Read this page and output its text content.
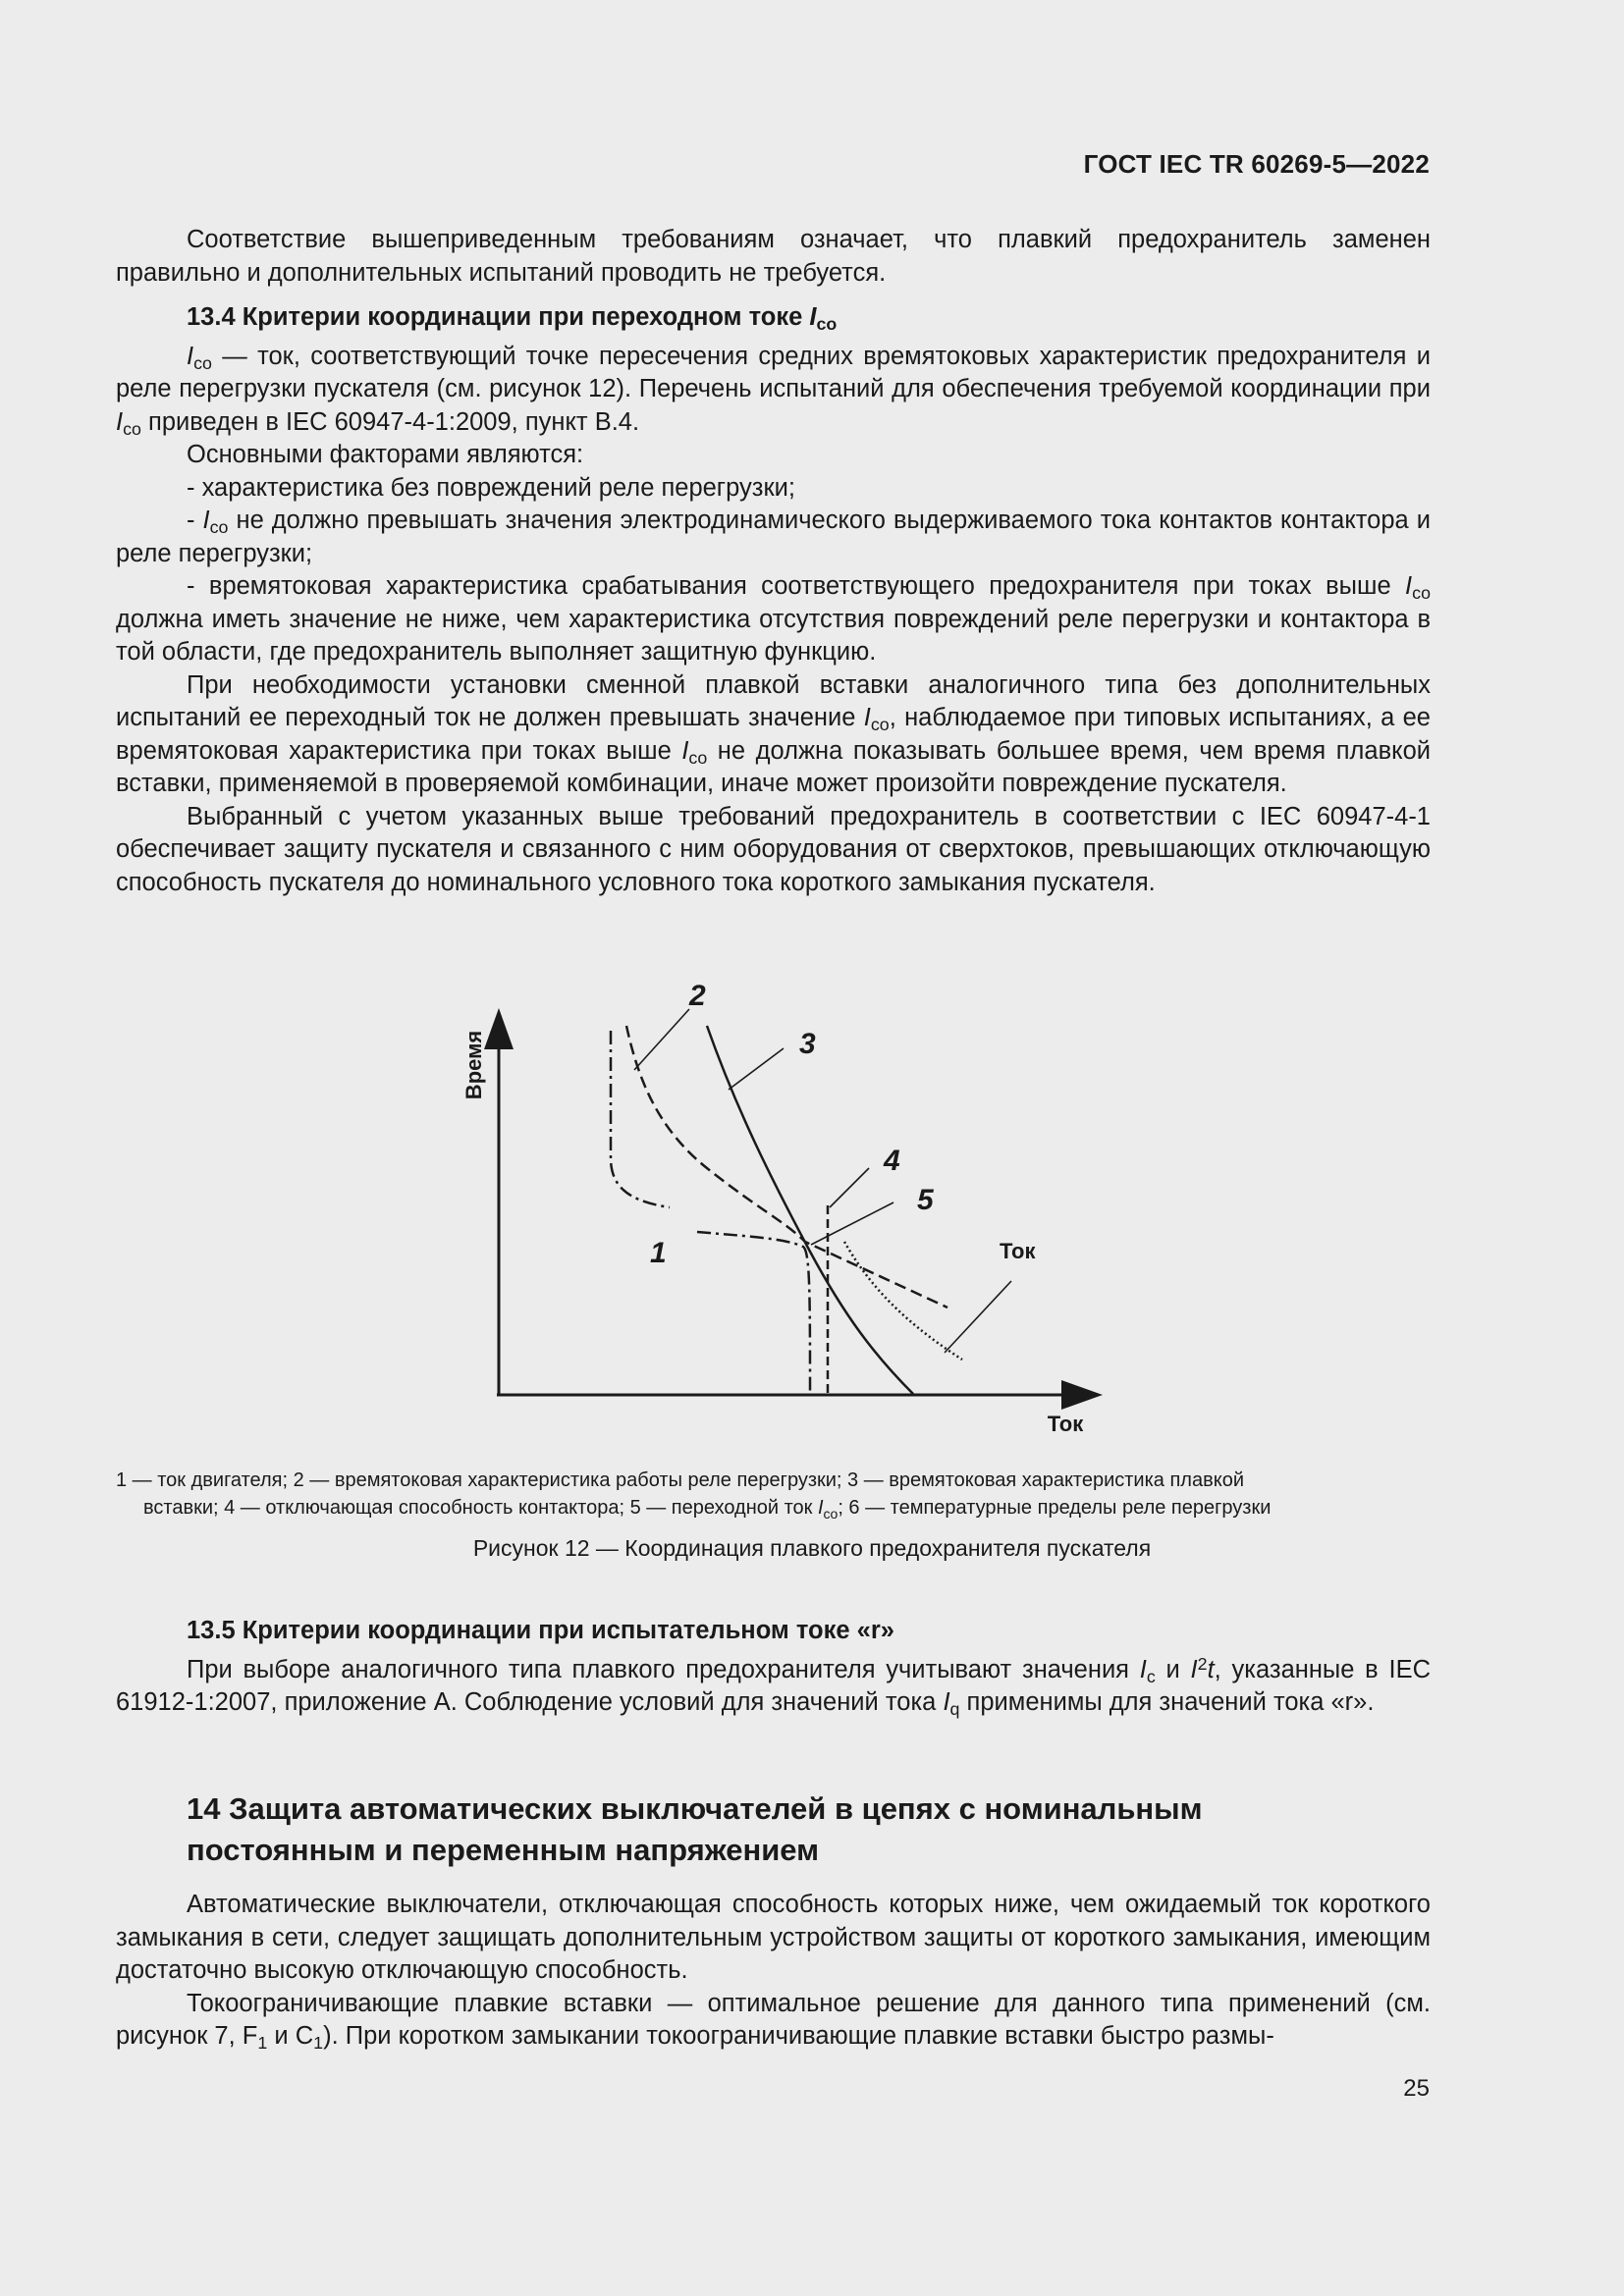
ГОСТ IEC TR 60269-5—2022

Соответствие вышеприведенным требованиям означает, что плавкий предохранитель заменен правильно и дополнительных испытаний проводить не требуется.

13.4 Критерии координации при переходном токе $I_{co}$

$I_{co}$ — ток, соответствующий точке пересечения средних времятоковых характеристик предохранителя и реле перегрузки пускателя (см. рисунок 12). Перечень испытаний для обеспечения требуемой координации при $I_{co}$ приведен в IEC 60947-4-1:2009, пункт В.4.

Основными факторами являются:

- характеристика без повреждений реле перегрузки;

- $I_{co}$ не должно превышать значения электродинамического выдерживаемого тока контактов контактора и реле перегрузки;

- времятоковая характеристика срабатывания соответствующего предохранителя при токах выше $I_{co}$ должна иметь значение не ниже, чем характеристика отсутствия повреждений реле перегрузки и контактора в той области, где предохранитель выполняет защитную функцию.

При необходимости установки сменной плавкой вставки аналогичного типа без дополнительных испытаний ее переходный ток не должен превышать значение $I_{co}$, наблюдаемое при типовых испытаниях, а ее времятоковая характеристика при токах выше $I_{co}$ не должна показывать большее время, чем время плавкой вставки, применяемой в проверяемой комбинации, иначе может произойти повреждение пускателя.

Выбранный с учетом указанных выше требований предохранитель в соответствии с IEC 60947-4-1 обеспечивает защиту пускателя и связанного с ним оборудования от сверхтоков, превышающих отключающую способность пускателя до номинального условного тока короткого замыкания пускателя.

Время
Ток
1
2
3
4
5
Ток
1 — ток двигателя; 2 — времятоковая характеристика работы реле перегрузки; 3 — времятоковая характеристика плавкой
вставки; 4 — отключающая способность контактора; 5 — переходной ток $I_{co}$; 6 — температурные пределы реле перегрузки
Рисунок 12 — Координация плавкого предохранителя пускателя
13.5 Критерии координации при испытательном токе «r»

При выборе аналогичного типа плавкого предохранителя учитывают значения $I_c$ и $I^2t$, указанные в IEC 61912-1:2007, приложение А. Соблюдение условий для значений тока $I_q$ применимы для значений тока «r».

14 Защита автоматических выключателей в цепях с номинальным постоянным и переменным напряжением

Автоматические выключатели, отключающая способность которых ниже, чем ожидаемый ток короткого замыкания в сети, следует защищать дополнительным устройством защиты от короткого замыкания, имеющим достаточно высокую отключающую способность.

Токоограничивающие плавкие вставки — оптимальное решение для данного типа применений (см. рисунок 7, $F_1$ и $C_1$). При коротком замыкании токоограничивающие плавкие вставки быстро размы-

25
